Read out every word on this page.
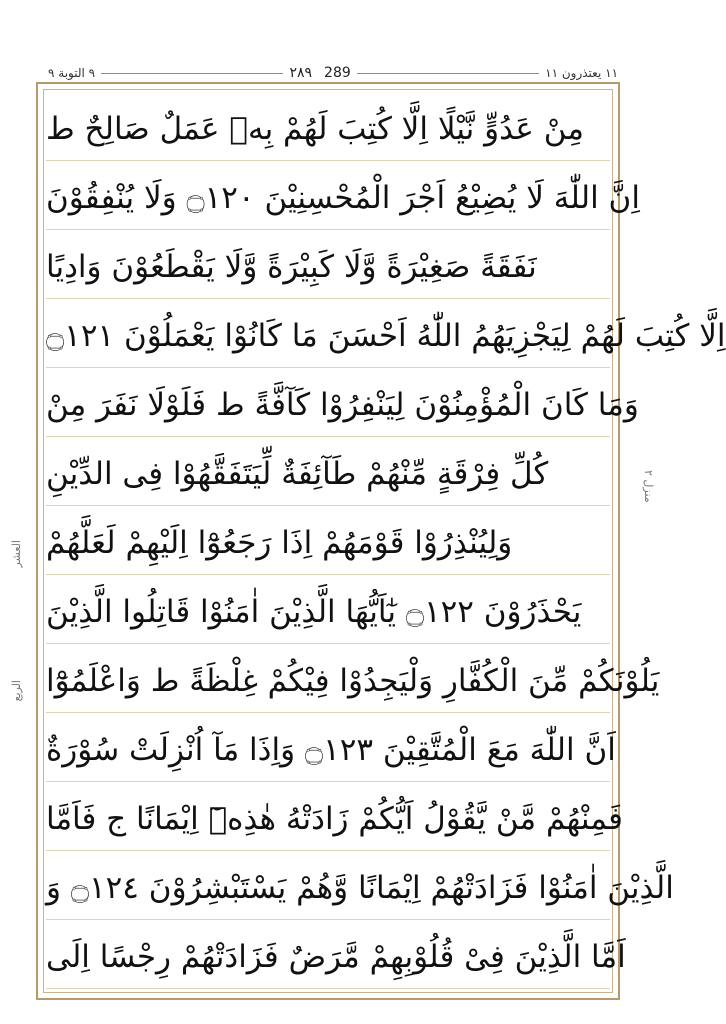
٩ التوبة ٩	٢٨٩ 289	١١ يعتذرون ١١
العشر
الربع
منزل ٢
مِنْ عَدُوٍّ نَّيْلًا اِلَّا كُتِبَ لَهُمْ بِهٖ عَمَلٌ صَالِحٌ ط
اِنَّ اللّٰهَ لَا يُضِيْعُ اَجْرَ الْمُحْسِنِيْنَ ۝١٢٠ وَلَا يُنْفِقُوْنَ
نَفَقَةً صَغِيْرَةً وَّلَا كَبِيْرَةً وَّلَا يَقْطَعُوْنَ وَادِيًا
اِلَّا كُتِبَ لَهُمْ لِيَجْزِيَهُمُ اللّٰهُ اَحْسَنَ مَا كَانُوْا يَعْمَلُوْنَ ۝١٢١
وَمَا كَانَ الْمُؤْمِنُوْنَ لِيَنْفِرُوْا كَآفَّةً ط فَلَوْلَا نَفَرَ مِنْ
كُلِّ فِرْقَةٍ مِّنْهُمْ طَآئِفَةٌ لِّيَتَفَقَّهُوْا فِى الدِّيْنِ
وَلِيُنْذِرُوْا قَوْمَهُمْ اِذَا رَجَعُوْٓا اِلَيْهِمْ لَعَلَّهُمْ
يَحْذَرُوْنَ ۝١٢٢ يٰٓاَيُّهَا الَّذِيْنَ اٰمَنُوْا قَاتِلُوا الَّذِيْنَ
يَلُوْنَكُمْ مِّنَ الْكُفَّارِ وَلْيَجِدُوْا فِيْكُمْ غِلْظَةً ط وَاعْلَمُوْٓا
اَنَّ اللّٰهَ مَعَ الْمُتَّقِيْنَ ۝١٢٣ وَاِذَا مَآ اُنْزِلَتْ سُوْرَةٌ
فَمِنْهُمْ مَّنْ يَّقُوْلُ اَيُّكُمْ زَادَتْهُ هٰذِهٖٓ اِيْمَانًا ج فَاَمَّا
الَّذِيْنَ اٰمَنُوْا فَزَادَتْهُمْ اِيْمَانًا وَّهُمْ يَسْتَبْشِرُوْنَ ۝١٢٤ وَ
اَمَّا الَّذِيْنَ فِىْ قُلُوْبِهِمْ مَّرَضٌ فَزَادَتْهُمْ رِجْسًا اِلَى
